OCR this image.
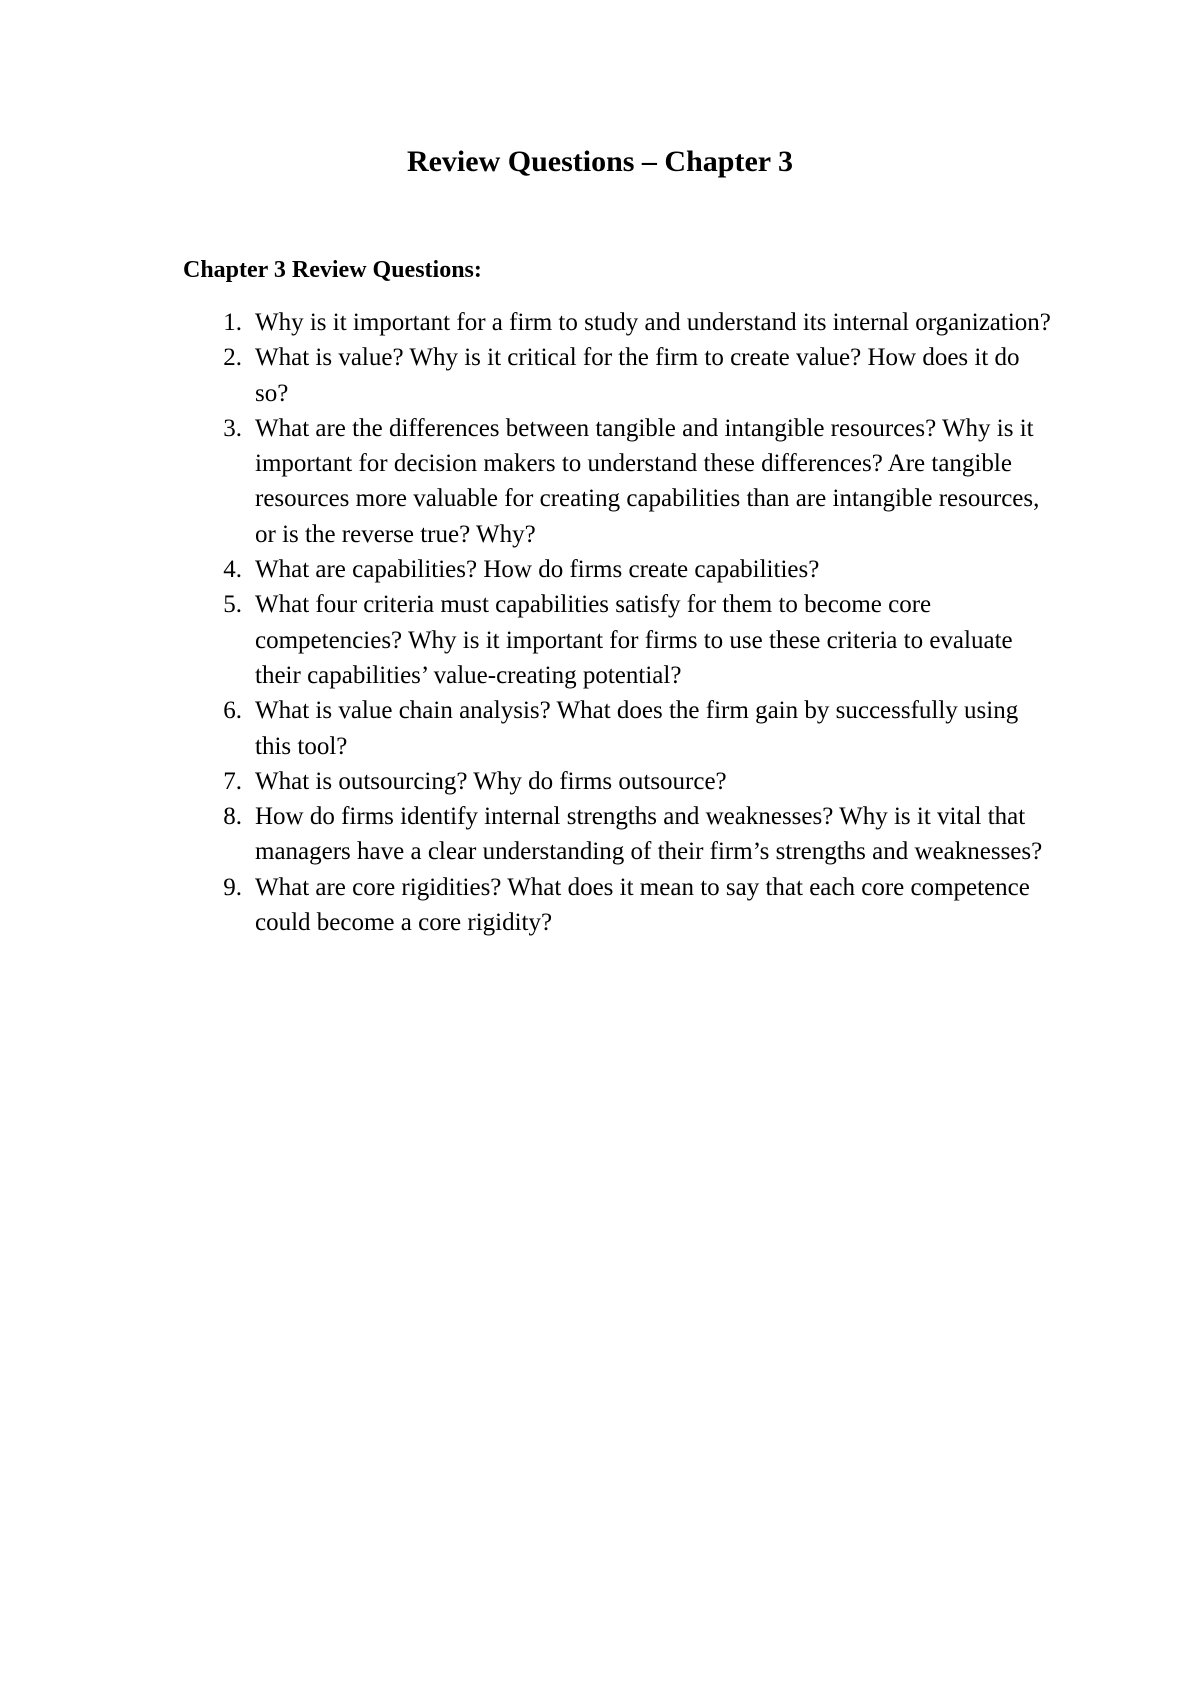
Review Questions – Chapter 3
Chapter 3 Review Questions:
1. Why is it important for a firm to study and understand its internal organization?
2. What is value? Why is it critical for the firm to create value? How does it do so?
3. What are the differences between tangible and intangible resources? Why is it important for decision makers to understand these differences? Are tangible resources more valuable for creating capabilities than are intangible resources, or is the reverse true? Why?
4. What are capabilities? How do firms create capabilities?
5. What four criteria must capabilities satisfy for them to become core competencies? Why is it important for firms to use these criteria to evaluate their capabilities’ value-creating potential?
6. What is value chain analysis? What does the firm gain by successfully using this tool?
7. What is outsourcing? Why do firms outsource?
8. How do firms identify internal strengths and weaknesses? Why is it vital that managers have a clear understanding of their firm’s strengths and weaknesses?
9. What are core rigidities? What does it mean to say that each core competence could become a core rigidity?
